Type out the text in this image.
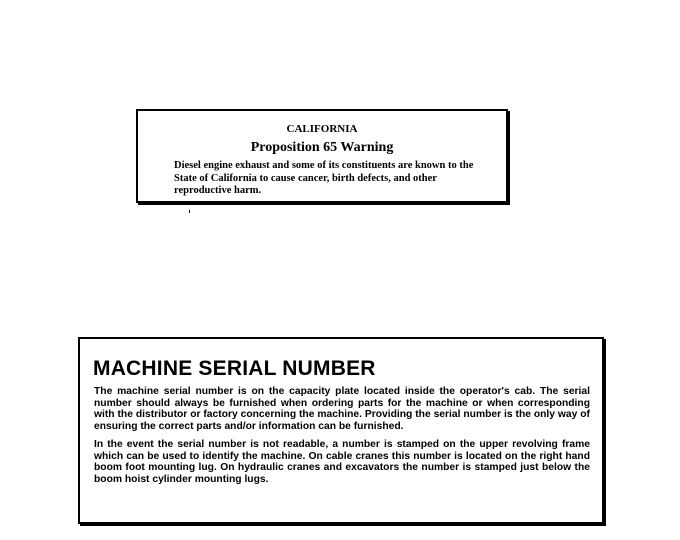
CALIFORNIA
Proposition 65 Warning
Diesel engine exhaust and some of its constituents are known to the State of California to cause cancer, birth defects, and other reproductive harm.
MACHINE SERIAL NUMBER
The machine serial number is on the capacity plate located inside the operator's cab. The serial number should always be furnished when ordering parts for the machine or when corresponding with the distributor or factory concerning the machine. Providing the serial number is the only way of ensuring the correct parts and/or information can be furnished.
In the event the serial number is not readable, a number is stamped on the upper revolving frame which can be used to identify the machine. On cable cranes this number is located on the right hand boom foot mounting lug. On hydraulic cranes and excavators the number is stamped just below the boom hoist cylinder mounting lugs.
